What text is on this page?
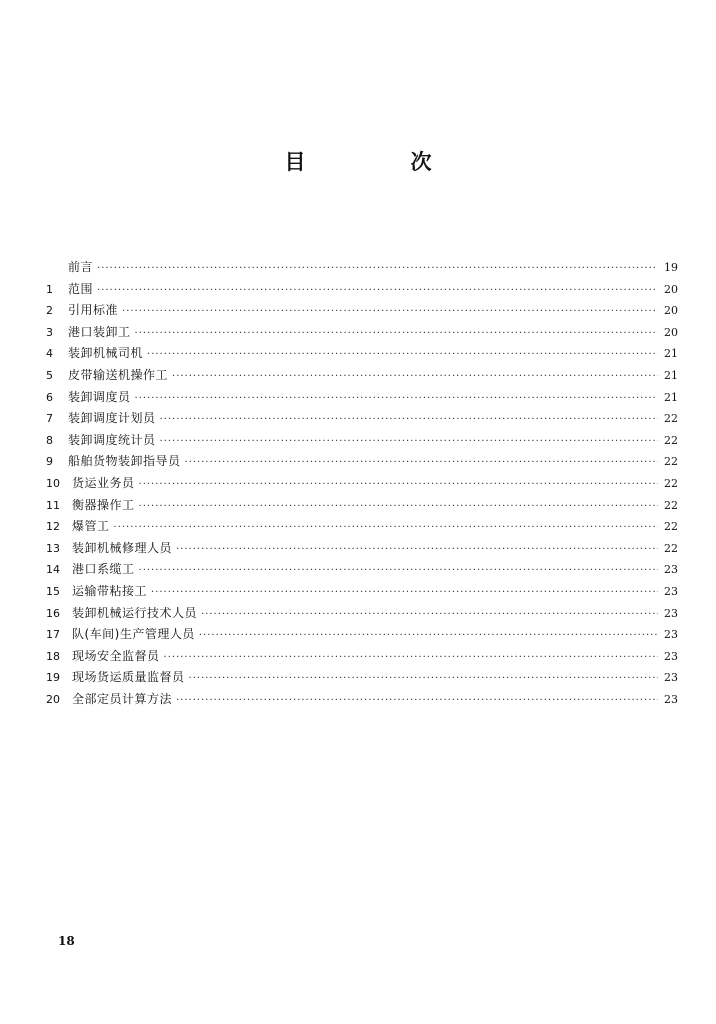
目　次
前言 ·····	19
1	范围 ·····	20
2	引用标准 ·····	20
3	港口装卸工 ·····	20
4	装卸机械司机 ·····	21
5	皮带输送机操作工 ·····	21
6	装卸调度员 ·····	21
7	装卸调度计划员 ·····	22
8	装卸调度统计员 ·····	22
9	船舶货物装卸指导员 ·····	22
10	货运业务员 ·····	22
11	衡器操作工 ·····	22
12	爆管工 ·····	22
13	装卸机械修理人员 ·····	22
14	港口系缆工 ·····	23
15	运输带粘接工 ·····	23
16	装卸机械运行技术人员 ·····	23
17	队(车间)生产管理人员 ·····	23
18	现场安全监督员 ·····	23
19	现场货运质量监督员 ·····	23
20	全部定员计算方法 ·····	23
18
